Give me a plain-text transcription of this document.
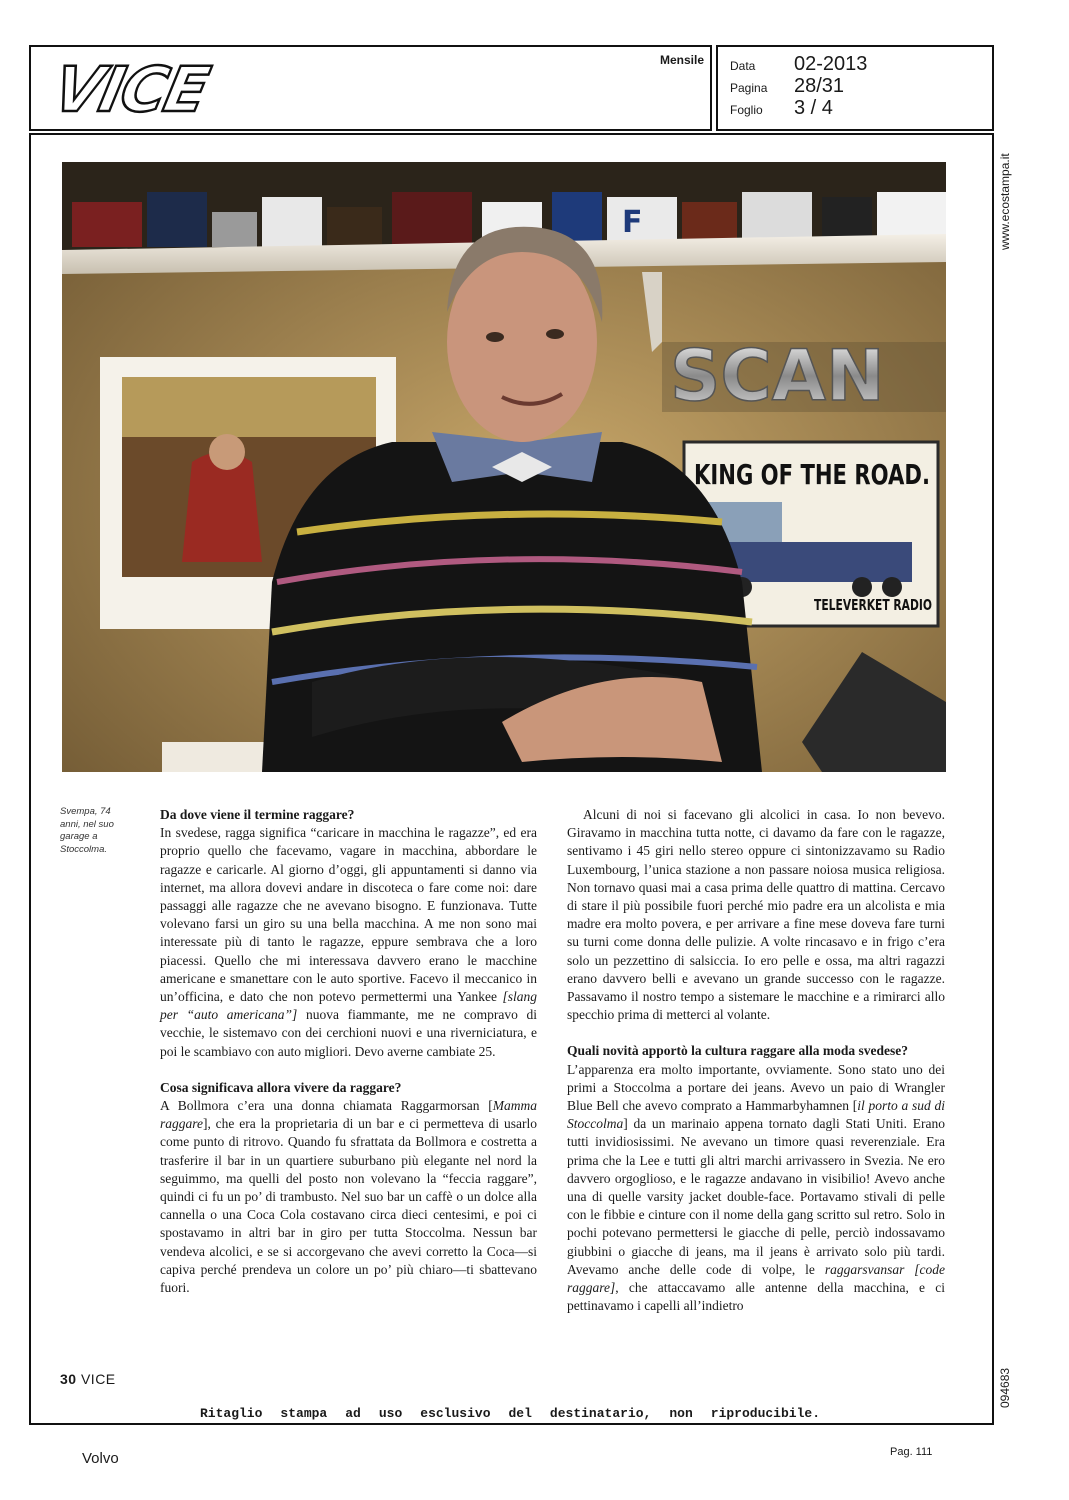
VICE	Mensile Data 02-2013
Pagina 28/31
Foglio 3 / 4
www.ecostampa.it
094683
F
SCAN
KING OF THE ROAD.
TELEVERKET RADIO
Svempa, 74 anni, nel suo garage a Stoccolma.

Da dove viene il termine raggare?

In svedese, ragga significa “caricare in macchina le ragazze”, ed era proprio quello che facevamo, vagare in macchina, abbordare le ragazze e caricarle. Al giorno d’oggi, gli appuntamenti si danno via internet, ma allora dovevi andare in discoteca o fare come noi: dare passaggi alle ragazze che ne avevano bisogno. E funzionava. Tutte volevano farsi un giro su una bella macchina. A me non sono mai interessate più di tanto le ragazze, eppure sembrava che a loro piacessi. Quello che mi interessava davvero erano le macchine americane e smanettare con le auto sportive. Facevo il meccanico in un’officina, e dato che non potevo permettermi una Yankee [slang per “auto americana”] nuova fiammante, me ne compravo di vecchie, le sistemavo con dei cerchioni nuovi e una riverniciatura, e poi le scambiavo con auto migliori. Devo averne cambiate 25.

Cosa significava allora vivere da raggare?

A Bollmora c’era una donna chiamata Raggarmorsan [Mamma raggare], che era la proprietaria di un bar e ci permetteva di usarlo come punto di ritrovo. Quando fu sfrattata da Bollmora e costretta a trasferire il bar in un quartiere suburbano più elegante nel nord la seguimmo, ma quelli del posto non volevano la “feccia raggare”, quindi ci fu un po’ di trambusto. Nel suo bar un caffè o un dolce alla cannella o una Coca Cola costavano circa dieci centesimi, e poi ci spostavamo in altri bar in giro per tutta Stoccolma. Nessun bar vendeva alcolici, e se si accorgevano che avevi corretto la Coca—si capiva perché prendeva un colore un po’ più chiaro—ti sbattevano fuori.

Alcuni di noi si facevano gli alcolici in casa. Io non bevevo. Giravamo in macchina tutta notte, ci davamo da fare con le ragazze, sentivamo i 45 giri nello stereo oppure ci sintonizzavamo su Radio Luxembourg, l’unica stazione a non passare noiosa musica religiosa. Non tornavo quasi mai a casa prima delle quattro di mattina. Cercavo di stare il più possibile fuori perché mio padre era un alcolista e mia madre era molto povera, e per arrivare a fine mese doveva fare turni su turni come donna delle pulizie. A volte rincasavo e in frigo c’era solo un pezzettino di salsiccia. Io ero pelle e ossa, ma altri ragazzi erano davvero belli e avevano un grande successo con le ragazze. Passavamo il nostro tempo a sistemare le macchine e a rimirarci allo specchio prima di metterci al volante.

Quali novità apportò la cultura raggare alla moda svedese?

L’apparenza era molto importante, ovviamente. Sono stato uno dei primi a Stoccolma a portare dei jeans. Avevo un paio di Wrangler Blue Bell che avevo comprato a Hammarbyhamnen [il porto a sud di Stoccolma] da un marinaio appena tornato dagli Stati Uniti. Erano tutti invidiosissimi. Ne avevano un timore quasi reverenziale. Era prima che la Lee e tutti gli altri marchi arrivassero in Svezia. Ne ero davvero orgoglioso, e le ragazze andavano in visibilio! Avevo anche una di quelle varsity jacket double-face. Portavamo stivali di pelle con le fibbie e cinture con il nome della gang scritto sul retro. Solo in pochi potevano permettersi le giacche di pelle, perciò indossavamo giubbini o giacche di jeans, ma il jeans è arrivato solo più tardi. Avevamo anche delle code di volpe, le raggarsvansar [code raggare], che attaccavamo alle antenne della macchina, e ci pettinavamo i capelli all’indietro

30 VICE
Ritaglio stampa ad uso esclusivo del destinatario, non riproducibile.
Volvo	Pag. 111
